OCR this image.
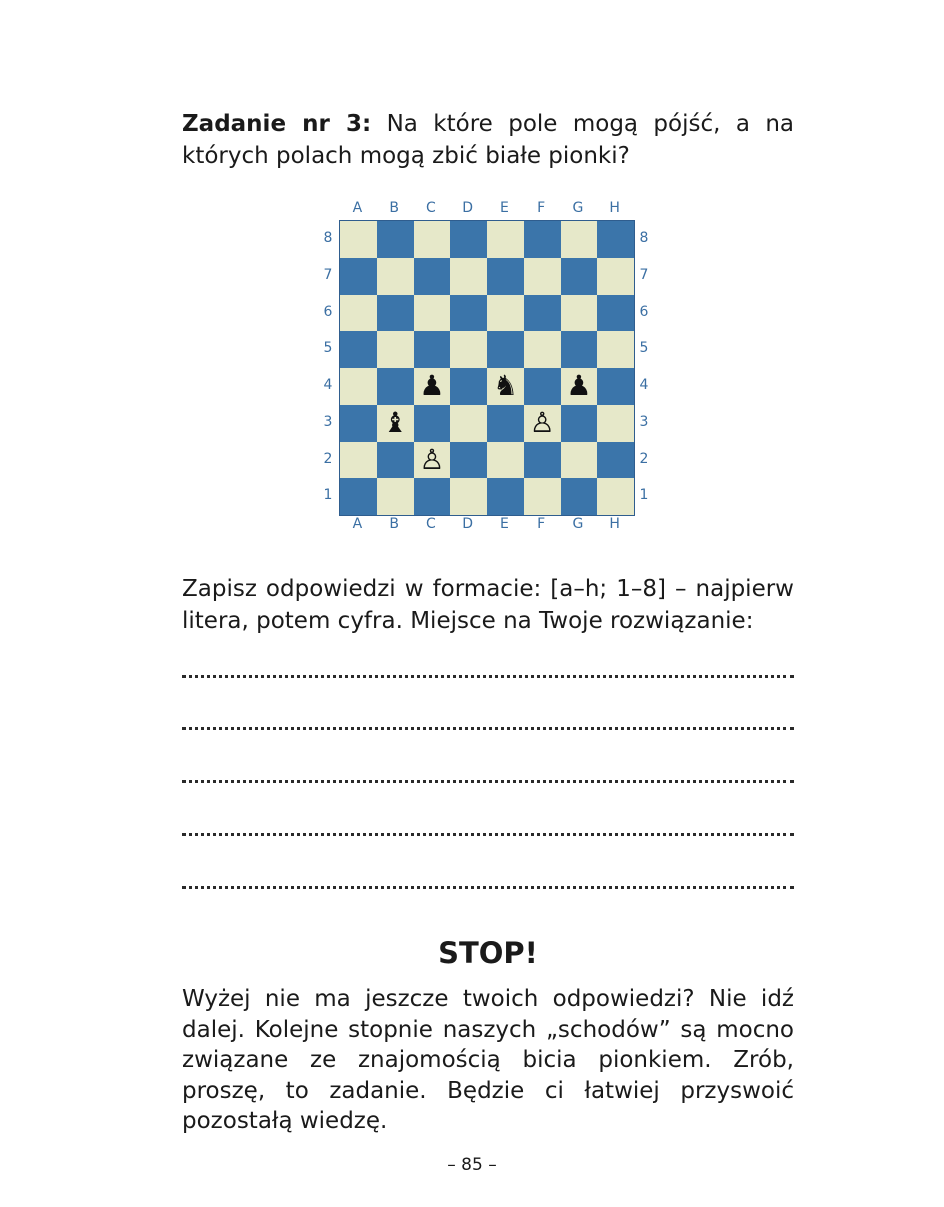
Zadanie nr 3: Na które pole mogą pójść, a na których polach mogą zbić białe pionki?

A	B	C	D	E	F	G	H
8
7
6
5
4
3
2
1
♟ ♞ ♟
♝	♙
♙
8
7
6
5
4
3
2
1
A	B	C	D	E	F	G	H

Zapisz odpowiedzi w formacie: [a–h; 1–8] – najpierw litera, potem cyfra. Miejsce na Twoje rozwiązanie:

STOP!

Wyżej nie ma jeszcze twoich odpowiedzi? Nie idź dalej. Kolejne stopnie naszych „schodów” są mocno związane ze znajomością bicia pionkiem. Zrób, proszę, to zadanie. Będzie ci łatwiej przyswoić pozostałą wiedzę.

– 85 –
